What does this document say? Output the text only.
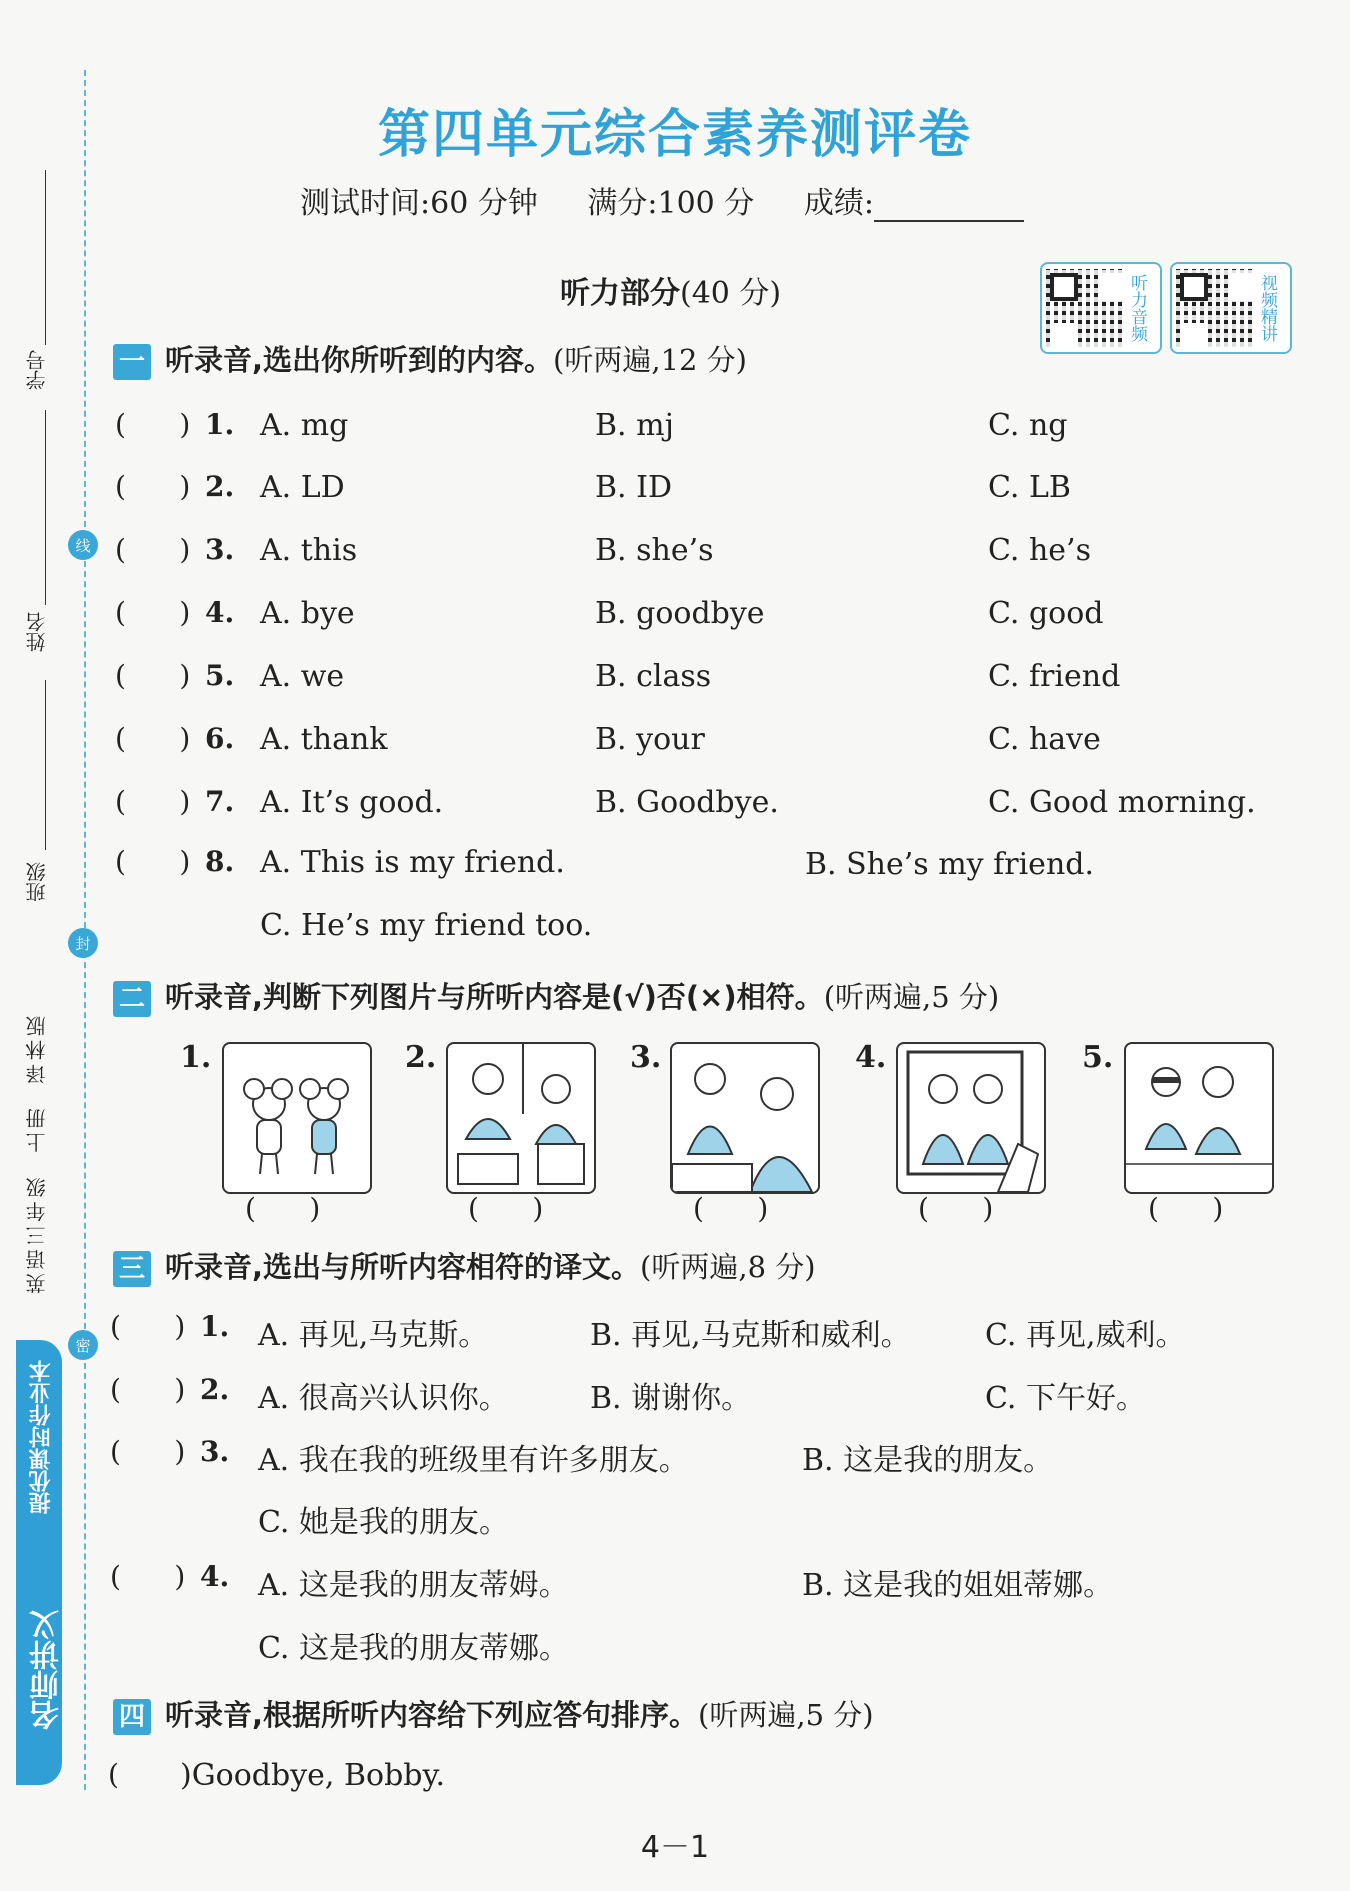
学号
姓名
班级
英语三年级  上册  译林版
线
封
密
提优课时作业本
名师讲义
第四单元综合素养测评卷
测试时间:60 分钟 满分:100 分 成绩:
听力部分(40 分)	听力音频	视频精讲
一 听录音,选出你所听到的内容。(听两遍,12 分)
(      ) 1. A. mg	B. mj	C. ng
(      ) 2. A. LD	B. ID	C. LB
(      ) 3. A. this	B. she’s	C. he’s
(      ) 4. A. bye	B. goodbye	C. good
(      ) 5. A. we	B. class	C. friend
(      ) 6. A. thank	B. your	C. have
(      ) 7. A. It’s good.	B. Goodbye.	C. Good morning.
(      ) 8. A. This is my friend.	B. She’s my friend.
C. He’s my friend too.
二 听录音,判断下列图片与所听内容是(√)否(×)相符。(听两遍,5 分)
1.
(      )
2.
(      )
3.
(      )
4.
(      )
5.
(      )
三 听录音,选出与所听内容相符的译文。(听两遍,8 分)
(      ) 1. A. 再见,马克斯。	B. 再见,马克斯和威利。 C. 再见,威利。
(      ) 2. A. 很高兴认识你。	B. 谢谢你。	C. 下午好。
(      ) 3. A. 我在我的班级里有许多朋友。	B. 这是我的朋友。
C. 她是我的朋友。
(      ) 4. A. 这是我的朋友蒂姆。	B. 这是我的姐姐蒂娜。
C. 这是我的朋友蒂娜。
四 听录音,根据所听内容给下列应答句排序。(听两遍,5 分)
( )Goodbye, Bobby.
4－1
